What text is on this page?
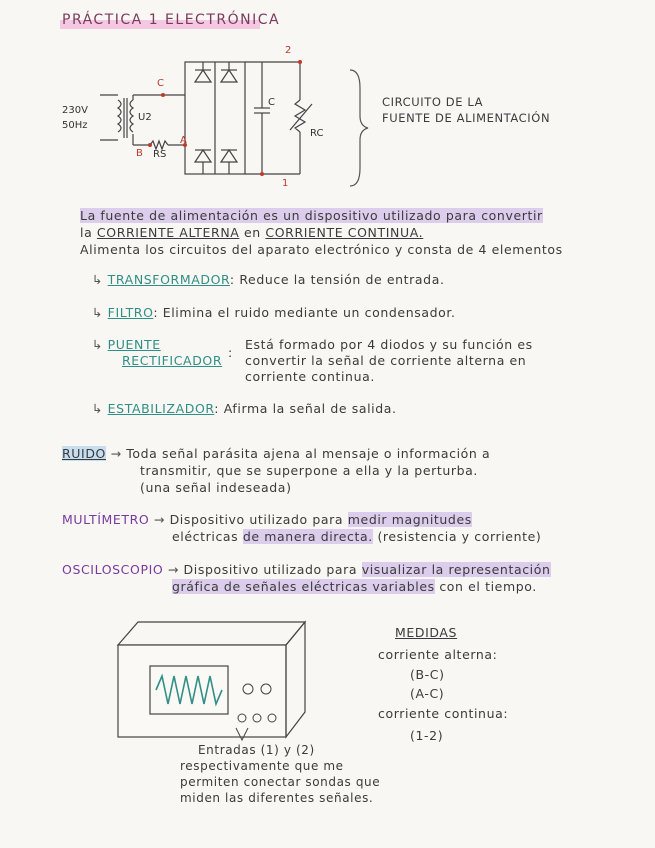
PRÁCTICA 1 ELECTRÓNICA
230V
50Hz
U2
C
B RS
A
C
RC
2
1
CIRCUITO DE LA
FUENTE DE ALIMENTACIÓN
La fuente de alimentación es un dispositivo utilizado para convertir
la CORRIENTE ALTERNA en CORRIENTE CONTINUA.
Alimenta los circuitos del aparato electrónico y consta de 4 elementos
↳ TRANSFORMADOR: Reduce la tensión de entrada.
↳ FILTRO: Elimina el ruido mediante un condensador.
↳ PUENTE
RECTIFICADOR
:
Está formado por 4 diodos y su función es
convertir la señal de corriente alterna en
corriente continua.
↳ ESTABILIZADOR: Afirma la señal de salida.
RUIDO → Toda señal parásita ajena al mensaje o información a
transmitir, que se superpone a ella y la perturba.
(una señal indeseada)
MULTÍMETRO → Dispositivo utilizado para medir magnitudes
eléctricas de manera directa. (resistencia y corriente)
OSCILOSCOPIO → Dispositivo utilizado para visualizar la representación
gráfica de señales eléctricas variables con el tiempo.
MEDIDAS
corriente alterna:
(B-C)
(A-C)
corriente continua:
(1-2)
Entradas (1) y (2)
respectivamente que me
permiten conectar sondas que
miden las diferentes señales.
